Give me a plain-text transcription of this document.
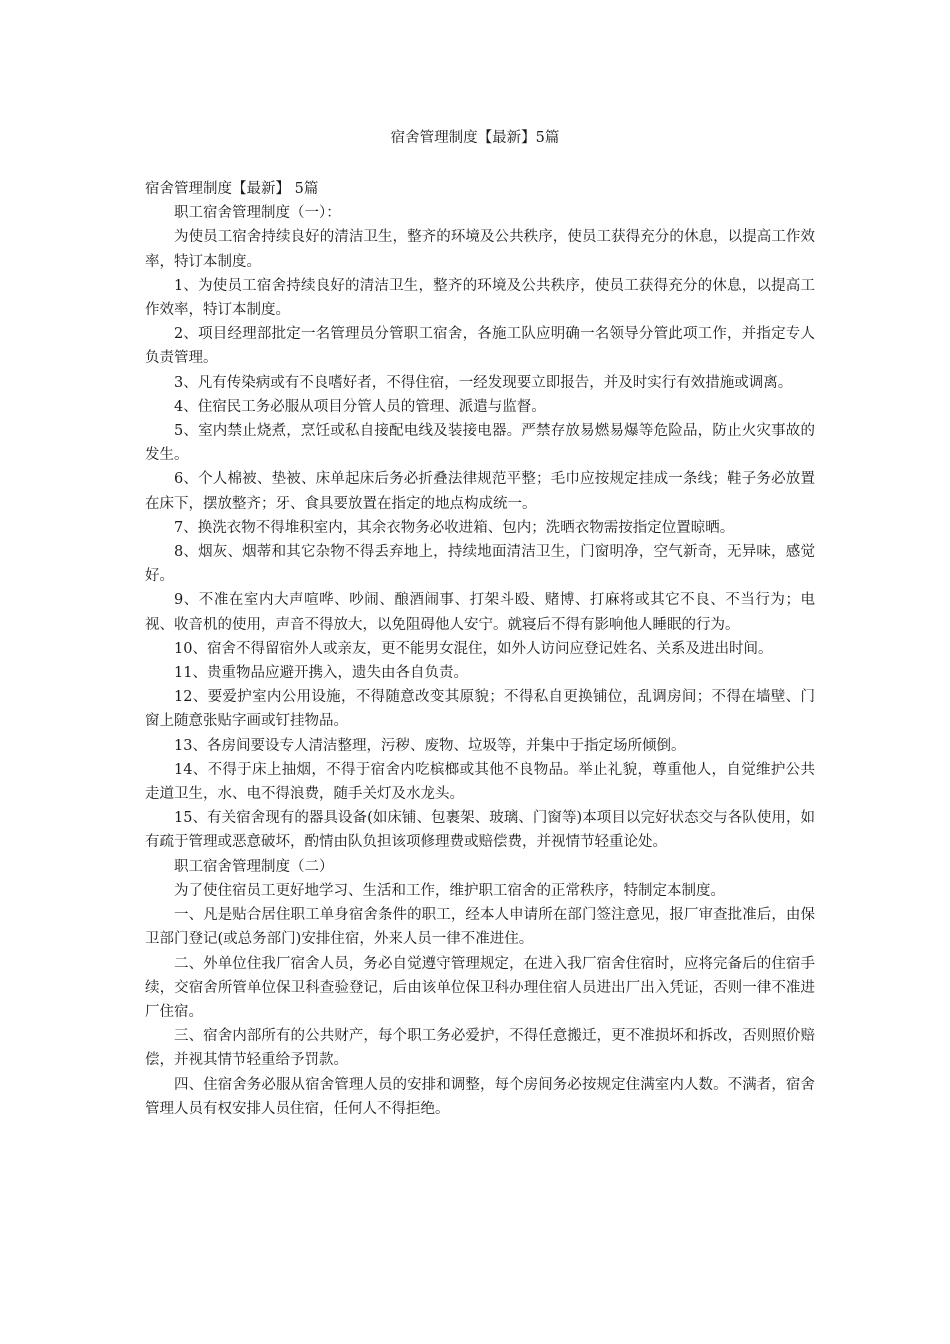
宿舍管理制度【最新】5篇

宿舍管理制度【最新】 5篇

职工宿舍管理制度（一）：

为使员工宿舍持续良好的清洁卫生，整齐的环境及公共秩序，使员工获得充分的休息，以提高工作效率，特订本制度。

1、为使员工宿舍持续良好的清洁卫生，整齐的环境及公共秩序，使员工获得充分的休息，以提高工作效率，特订本制度。

2、项目经理部批定一名管理员分管职工宿舍，各施工队应明确一名领导分管此项工作，并指定专人负责管理。

3、凡有传染病或有不良嗜好者，不得住宿，一经发现要立即报告，并及时实行有效措施或调离。

4、住宿民工务必服从项目分管人员的管理、派遣与监督。

5、室内禁止烧煮，烹饪或私自接配电线及装接电器。严禁存放易燃易爆等危险品，防止火灾事故的发生。

6、个人棉被、垫被、床单起床后务必折叠法律规范平整；毛巾应按规定挂成一条线；鞋子务必放置在床下，摆放整齐；牙、食具要放置在指定的地点构成统一。

7、换洗衣物不得堆积室内，其余衣物务必收进箱、包内；洗晒衣物需按指定位置晾晒。

8、烟灰、烟蒂和其它杂物不得丢弃地上，持续地面清洁卫生，门窗明净，空气新奇，无异味，感觉好。

9、不准在室内大声喧哗、吵闹、酿酒闹事、打架斗殴、赌博、打麻将或其它不良、不当行为；电视、收音机的使用，声音不得放大，以免阻碍他人安宁。就寝后不得有影响他人睡眠的行为。

10、宿舍不得留宿外人或亲友，更不能男女混住，如外人访问应登记姓名、关系及进出时间。

11、贵重物品应避开携入，遗失由各自负责。

12、要爱护室内公用设施，不得随意改变其原貌；不得私自更换铺位，乱调房间；不得在墙壁、门窗上随意张贴字画或钉挂物品。

13、各房间要设专人清洁整理，污秽、废物、垃圾等，并集中于指定场所倾倒。

14、不得于床上抽烟，不得于宿舍内吃槟榔或其他不良物品。举止礼貌，尊重他人，自觉维护公共走道卫生，水、电不得浪费，随手关灯及水龙头。

15、有关宿舍现有的器具设备(如床铺、包裹架、玻璃、门窗等)本项目以完好状态交与各队使用，如有疏于管理或恶意破坏，酌情由队负担该项修理费或赔偿费，并视情节轻重论处。

职工宿舍管理制度（二）

为了使住宿员工更好地学习、生活和工作，维护职工宿舍的正常秩序，特制定本制度。

一、凡是贴合居住职工单身宿舍条件的职工，经本人申请所在部门签注意见，报厂审查批准后，由保卫部门登记(或总务部门)安排住宿，外来人员一律不准进住。

二、外单位住我厂宿舍人员，务必自觉遵守管理规定，在进入我厂宿舍住宿时，应将完备后的住宿手续，交宿舍所管单位保卫科查验登记，后由该单位保卫科办理住宿人员进出厂出入凭证，否则一律不准进厂住宿。

三、宿舍内部所有的公共财产，每个职工务必爱护，不得任意搬迁，更不准损坏和拆改，否则照价赔偿，并视其情节轻重给予罚款。

四、住宿舍务必服从宿舍管理人员的安排和调整，每个房间务必按规定住满室内人数。不满者，宿舍管理人员有权安排人员住宿，任何人不得拒绝。
